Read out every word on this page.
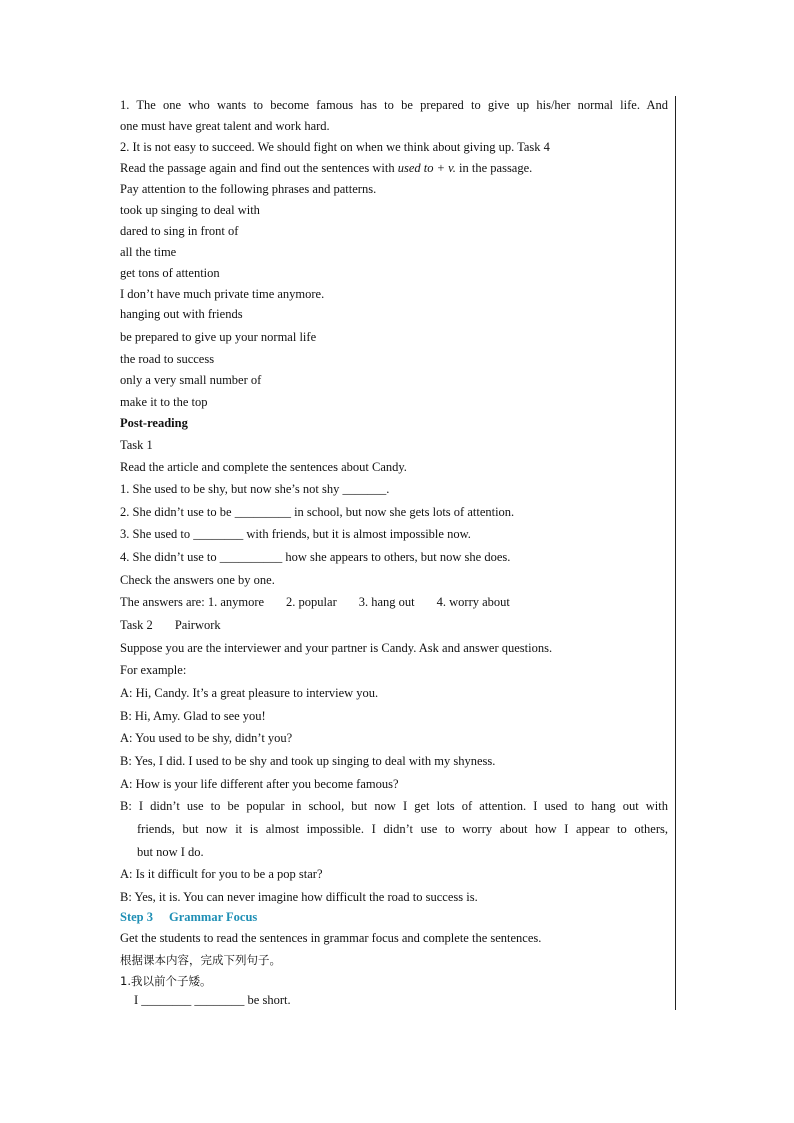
1. The one who wants to become famous has to be prepared to give up his/her normal life. And
one must have great talent and work hard.
2. It is not easy to succeed. We should fight on when we think about giving up. Task 4
Read the passage again and find out the sentences with used to + v. in the passage.
Pay attention to the following phrases and patterns.
took up singing to deal with
dared to sing in front of
all the time
get tons of attention
I don’t have much private time anymore.
hanging out with friends
be prepared to give up your normal life
the road to success
only a very small number of
make it to the top
Post-reading
Task 1
Read the article and complete the sentences about Candy.
1. She used to be shy, but now she’s not shy _______.
2. She didn’t use to be _________ in school, but now she gets lots of attention.
3. She used to ________ with friends, but it is almost impossible now.
4. She didn’t use to __________ how she appears to others, but now she does.
Check the answers one by one.
The answers are: 1. anymore 2. popular 3. hang out 4. worry about
Task 2 Pairwork
Suppose you are the interviewer and your partner is Candy. Ask and answer questions.
For example:
A: Hi, Candy. It’s a great pleasure to interview you.
B: Hi, Amy. Glad to see you!
A: You used to be shy, didn’t you?
B: Yes, I did. I used to be shy and took up singing to deal with my shyness.
A: How is your life different after you become famous?
B: I didn’t use to be popular in school, but now I get lots of attention. I used to hang out with
friends, but now it is almost impossible. I didn’t use to worry about how I appear to others,
but now I do.
A: Is it difficult for you to be a pop star?
B: Yes, it is. You can never imagine how difficult the road to success is.
Step 3 Grammar Focus
Get the students to read the sentences in grammar focus and complete the sentences.
根据课本内容，完成下列句子。
1.我以前个子矮。
I ________ ________ be short.
